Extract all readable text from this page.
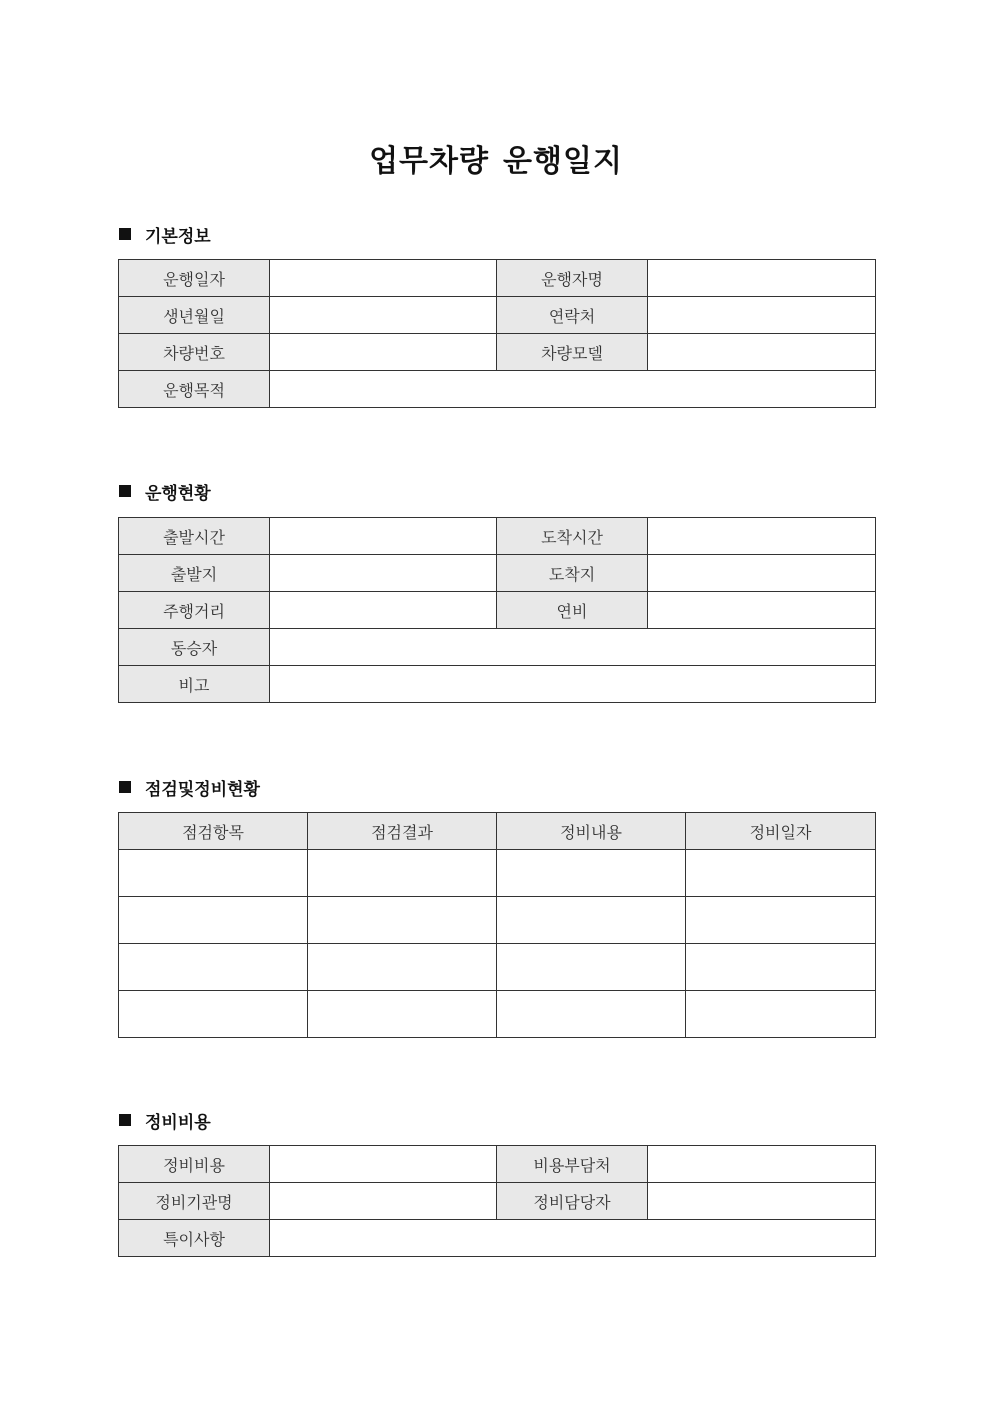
업무차량 운행일지
기본정보
운행일자		운행자명	
생년월일		연락처	
차량번호		차량모델	
운행목적			
운행현황
출발시간		도착시간	
출발지		도착지	
주행거리		연비	
동승자			
비고			
점검및정비현황
점검항목	점검결과	정비내용	정비일자

정비비용
정비비용		비용부담처	
정비기관명		정비담당자	
특이사항			
